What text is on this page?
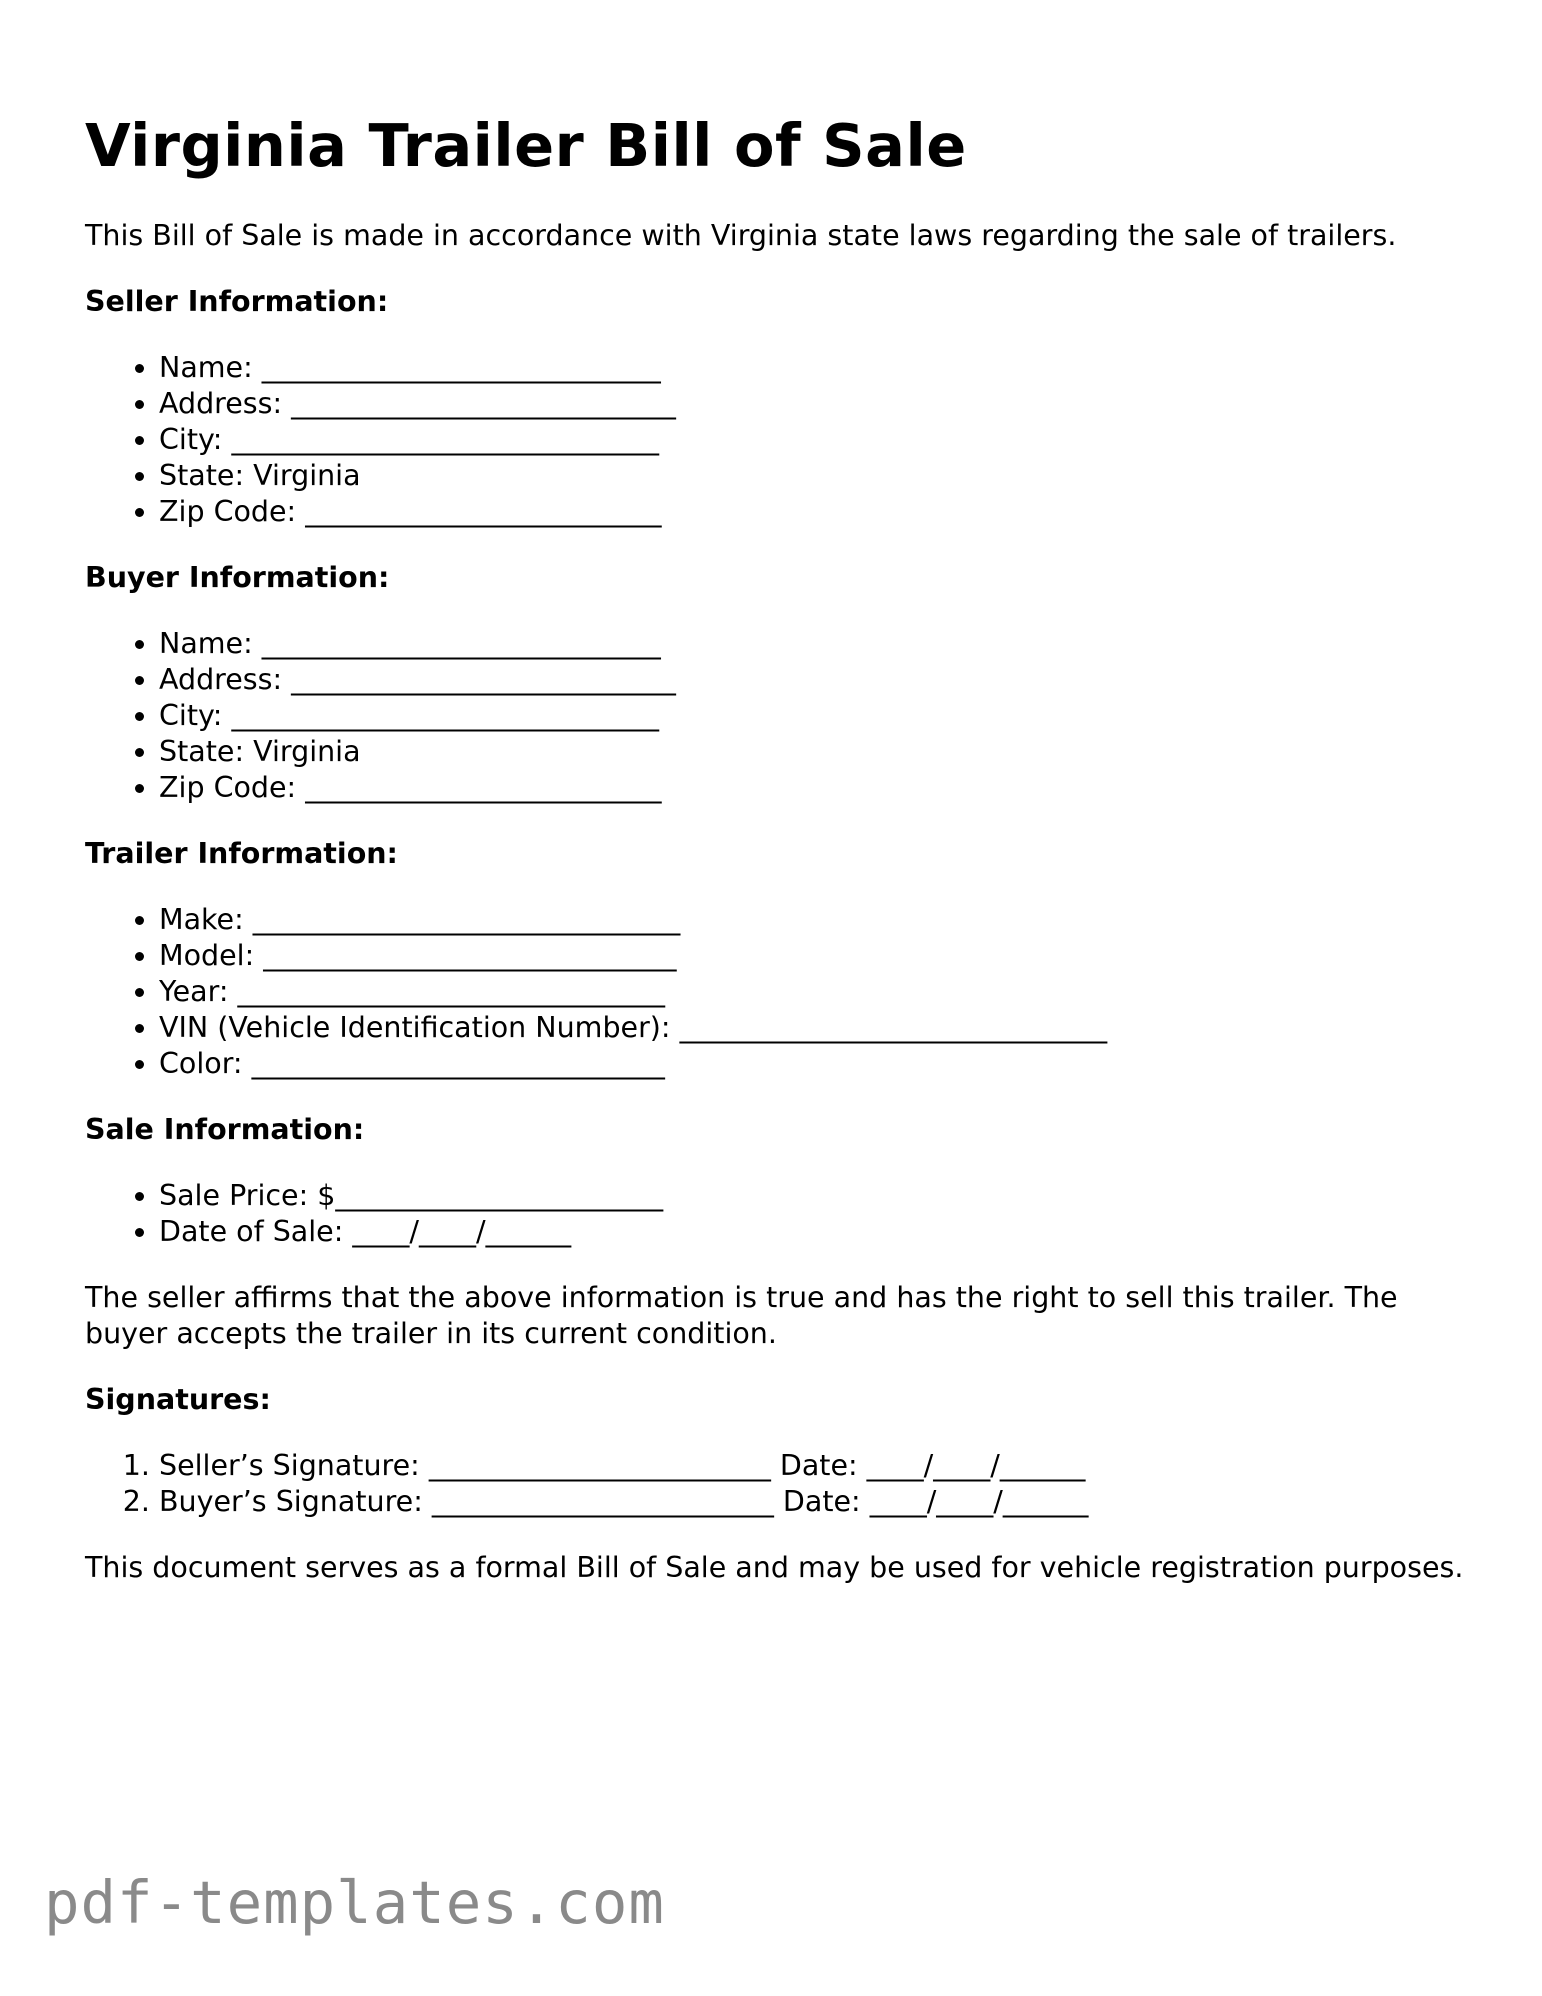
Virginia Trailer Bill of Sale

This Bill of Sale is made in accordance with Virginia state laws regarding the sale of trailers.

Seller Information:
• Name: ____________________________
• Address: ___________________________
• City: ______________________________
• State: Virginia
• Zip Code: _________________________
Buyer Information:
• Name: ____________________________
• Address: ___________________________
• City: ______________________________
• State: Virginia
• Zip Code: _________________________
Trailer Information:
• Make: ______________________________
• Model: _____________________________
• Year: ______________________________
• VIN (Vehicle Identification Number): ______________________________
• Color: _____________________________
Sale Information:
• Sale Price: $_______________________
• Date of Sale: ____/____/______

The seller affirms that the above information is true and has the right to sell this trailer. The buyer accepts the trailer in its current condition.

Signatures:
1. Seller’s Signature: ________________________ Date: ____/____/______
2. Buyer’s Signature: ________________________ Date: ____/____/______

This document serves as a formal Bill of Sale and may be used for vehicle registration purposes.

pdf-templates.com
